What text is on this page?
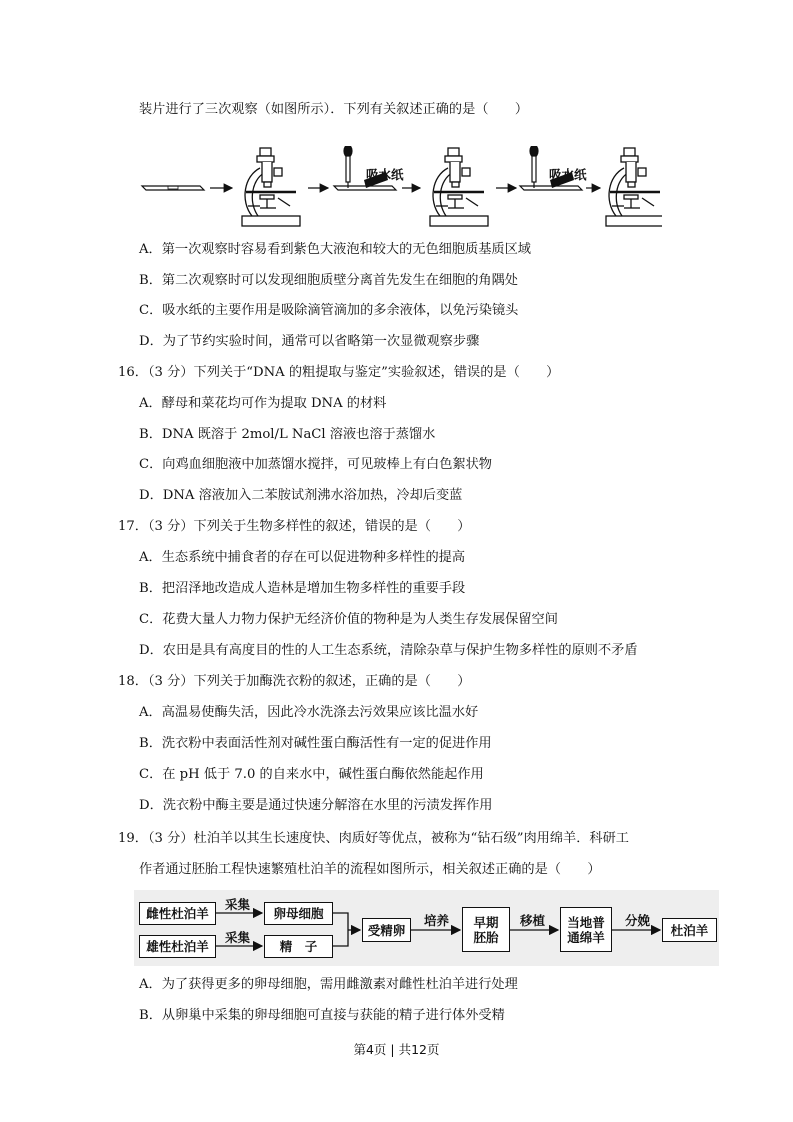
装片进行了三次观察（如图所示）．下列有关叙述正确的是（　　）
吸水纸	吸水纸
A．第一次观察时容易看到紫色大液泡和较大的无色细胞质基质区域
B．第二次观察时可以发现细胞质壁分离首先发生在细胞的角隅处
C．吸水纸的主要作用是吸除滴管滴加的多余液体，以免污染镜头
D．为了节约实验时间，通常可以省略第一次显微观察步骤
16．（3 分）下列关于“DNA 的粗提取与鉴定”实验叙述，错误的是（　　）
A．酵母和菜花均可作为提取 DNA 的材料
B．DNA 既溶于 2mol/L NaCl 溶液也溶于蒸馏水
C．向鸡血细胞液中加蒸馏水搅拌，可见玻棒上有白色絮状物
D．DNA 溶液加入二苯胺试剂沸水浴加热，冷却后变蓝
17．（3 分）下列关于生物多样性的叙述，错误的是（　　）
A．生态系统中捕食者的存在可以促进物种多样性的提高
B．把沼泽地改造成人造林是增加生物多样性的重要手段
C．花费大量人力物力保护无经济价值的物种是为人类生存发展保留空间
D．农田是具有高度目的性的人工生态系统，清除杂草与保护生物多样性的原则不矛盾
18．（3 分）下列关于加酶洗衣粉的叙述，正确的是（　　）
A．高温易使酶失活，因此冷水洗涤去污效果应该比温水好
B．洗衣粉中表面活性剂对碱性蛋白酶活性有一定的促进作用
C．在 pH 低于 7.0 的自来水中，碱性蛋白酶依然能起作用
D．洗衣粉中酶主要是通过快速分解溶在水里的污渍发挥作用
19．（3 分）杜泊羊以其生长速度快、肉质好等优点，被称为“钻石级”肉用绵羊．科研工
作者通过胚胎工程快速繁殖杜泊羊的流程如图所示，相关叙述正确的是（　　）
雌性杜泊羊
雄性杜泊羊
采集
采集
卵母细胞
精　子
受精卵
培养	早期胚胎
移植	当地普通绵羊
分娩
杜泊羊
A．为了获得更多的卵母细胞，需用雌激素对雌性杜泊羊进行处理
B．从卵巢中采集的卵母细胞可直接与获能的精子进行体外受精
第4页 | 共12页
